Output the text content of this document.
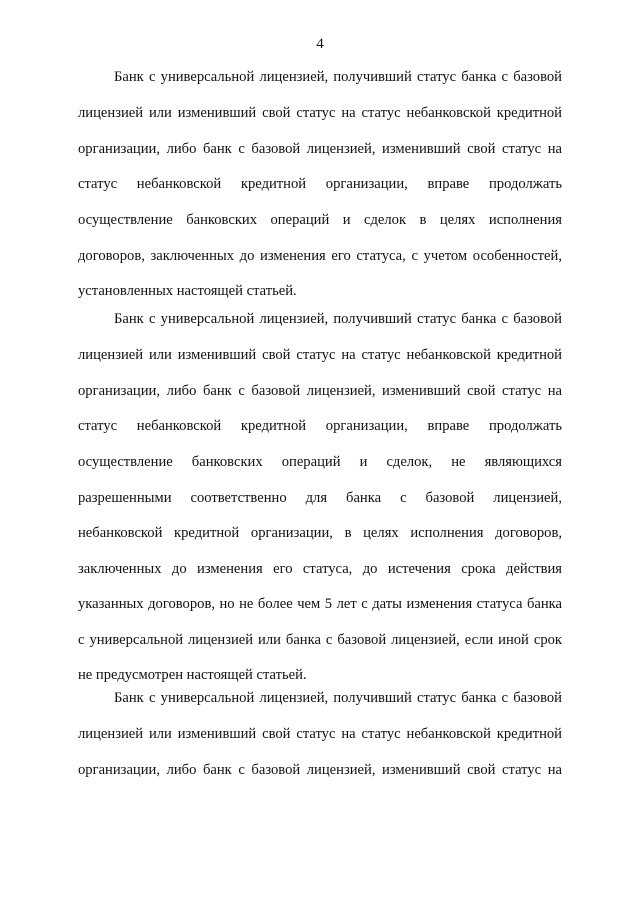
4
Банк с универсальной лицензией, получивший статус банка с базовой
лицензией или изменивший свой статус на статус небанковской кредитной
организации, либо банк с базовой лицензией, изменивший свой статус на
статус небанковской кредитной организации, вправе продолжать
осуществление банковских операций и сделок в целях исполнения
договоров, заключенных до изменения его статуса, с учетом особенностей,
установленных настоящей статьей.
Банк с универсальной лицензией, получивший статус банка с базовой
лицензией или изменивший свой статус на статус небанковской кредитной
организации, либо банк с базовой лицензией, изменивший свой статус на
статус небанковской кредитной организации, вправе продолжать
осуществление банковских операций и сделок, не являющихся
разрешенными соответственно для банка с базовой лицензией,
небанковской кредитной организации, в целях исполнения договоров,
заключенных до изменения его статуса, до истечения срока действия
указанных договоров, но не более чем 5 лет с даты изменения статуса банка
с универсальной лицензией или банка с базовой лицензией, если иной срок
не предусмотрен настоящей статьей.
Банк с универсальной лицензией, получивший статус банка с базовой
лицензией или изменивший свой статус на статус небанковской кредитной
организации, либо банк с базовой лицензией, изменивший свой статус на
